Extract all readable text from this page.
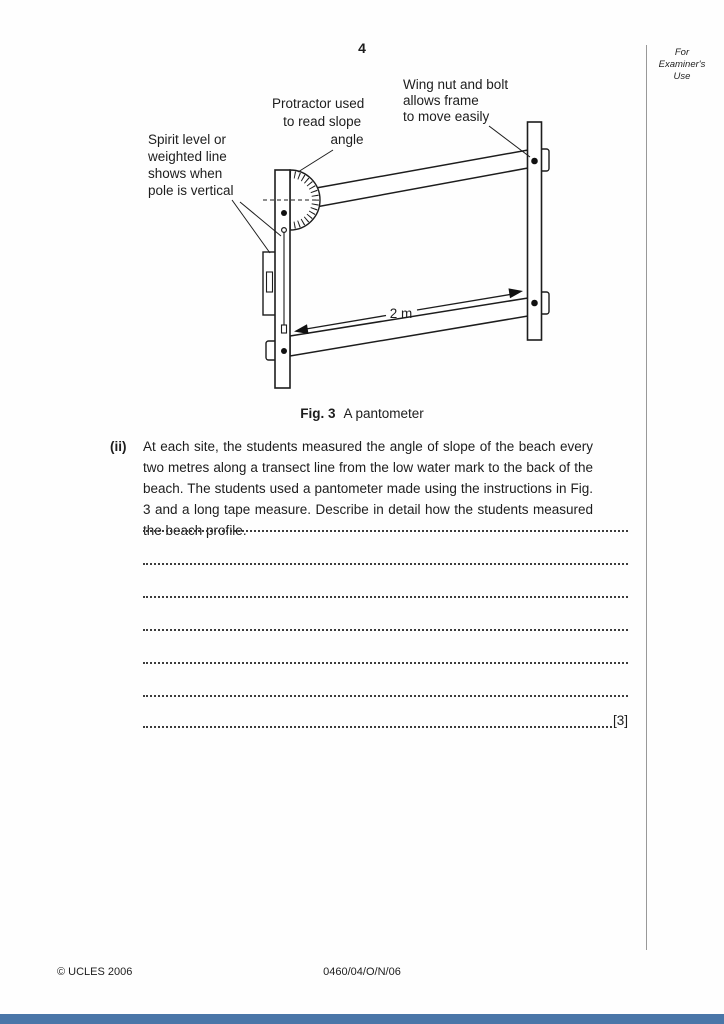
4	For
Examiner's
Use
2 m
Wing nut and bolt allows frame to move easily
Protractor used to read slope angle
Spirit level or weighted line shows when pole is vertical
Fig. 3 A pantometer
(ii)	At each site, the students measured the angle of slope of the beach every two metres along a transect line from the low water mark to the back of the beach. The students used a pantometer made using the instructions in Fig. 3 and a long tape measure. Describe in detail how the students measured the beach profile.
[3]
© UCLES 2006	0460/04/O/N/06
